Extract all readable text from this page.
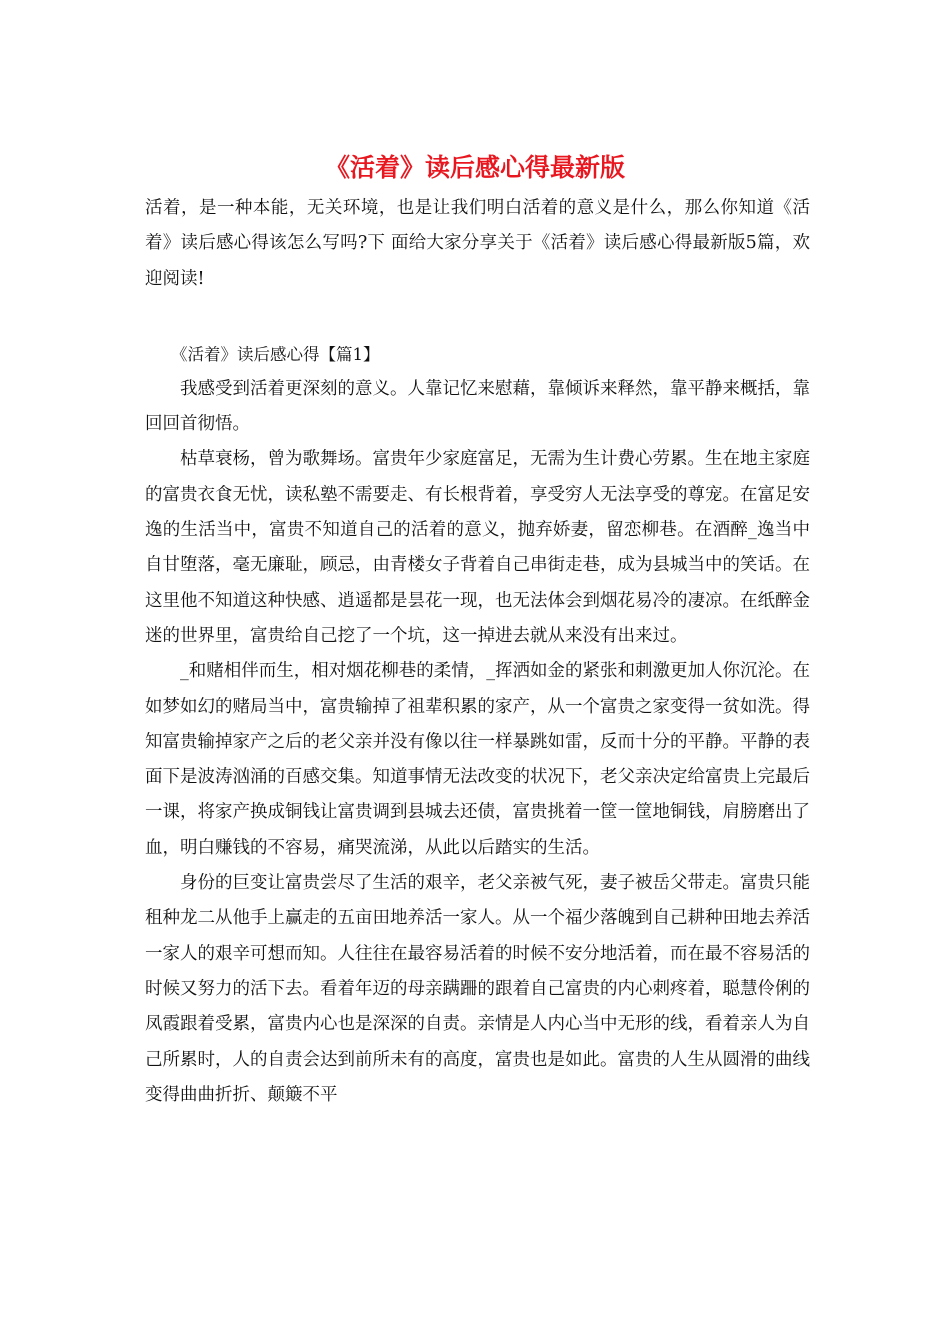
《活着》读后感心得最新版

活着，是一种本能，无关环境，也是让我们明白活着的意义是什么，那么你知道《活着》读后感心得该怎么写吗?下 面给大家分享关于《活着》读后感心得最新版5篇，欢迎阅读!

《活着》读后感心得【篇1】

我感受到活着更深刻的意义。人靠记忆来慰藉，靠倾诉来释然，靠平静来概括，靠回回首彻悟。

枯草衰杨，曾为歌舞场。富贵年少家庭富足，无需为生计费心劳累。生在地主家庭的富贵衣食无忧，读私塾不需要走、有长根背着，享受穷人无法享受的尊宠。在富足安逸的生活当中，富贵不知道自己的活着的意义，抛弃娇妻，留恋柳巷。在酒醉_逸当中自甘堕落，毫无廉耻，顾忌，由青楼女子背着自己串街走巷，成为县城当中的笑话。在这里他不知道这种快感、逍遥都是昙花一现，也无法体会到烟花易冷的凄凉。在纸醉金迷的世界里，富贵给自己挖了一个坑，这一掉进去就从来没有出来过。

_和赌相伴而生，相对烟花柳巷的柔情，_挥洒如金的紧张和刺激更加人你沉沦。在如梦如幻的赌局当中，富贵输掉了祖辈积累的家产，从一个富贵之家变得一贫如洗。得知富贵输掉家产之后的老父亲并没有像以往一样暴跳如雷，反而十分的平静。平静的表面下是波涛汹涌的百感交集。知道事情无法改变的状况下，老父亲决定给富贵上完最后一课，将家产换成铜钱让富贵调到县城去还债，富贵挑着一筐一筐地铜钱，肩膀磨出了血，明白赚钱的不容易，痛哭流涕，从此以后踏实的生活。

身份的巨变让富贵尝尽了生活的艰辛，老父亲被气死，妻子被岳父带走。富贵只能租种龙二从他手上赢走的五亩田地养活一家人。从一个福少落魄到自己耕种田地去养活一家人的艰辛可想而知。人往往在最容易活着的时候不安分地活着，而在最不容易活的时候又努力的活下去。看着年迈的母亲蹒跚的跟着自己富贵的内心刺疼着，聪慧伶俐的凤霞跟着受累，富贵内心也是深深的自责。亲情是人内心当中无形的线，看着亲人为自己所累时，人的自责会达到前所未有的高度，富贵也是如此。富贵的人生从圆滑的曲线变得曲曲折折、颠簸不平
